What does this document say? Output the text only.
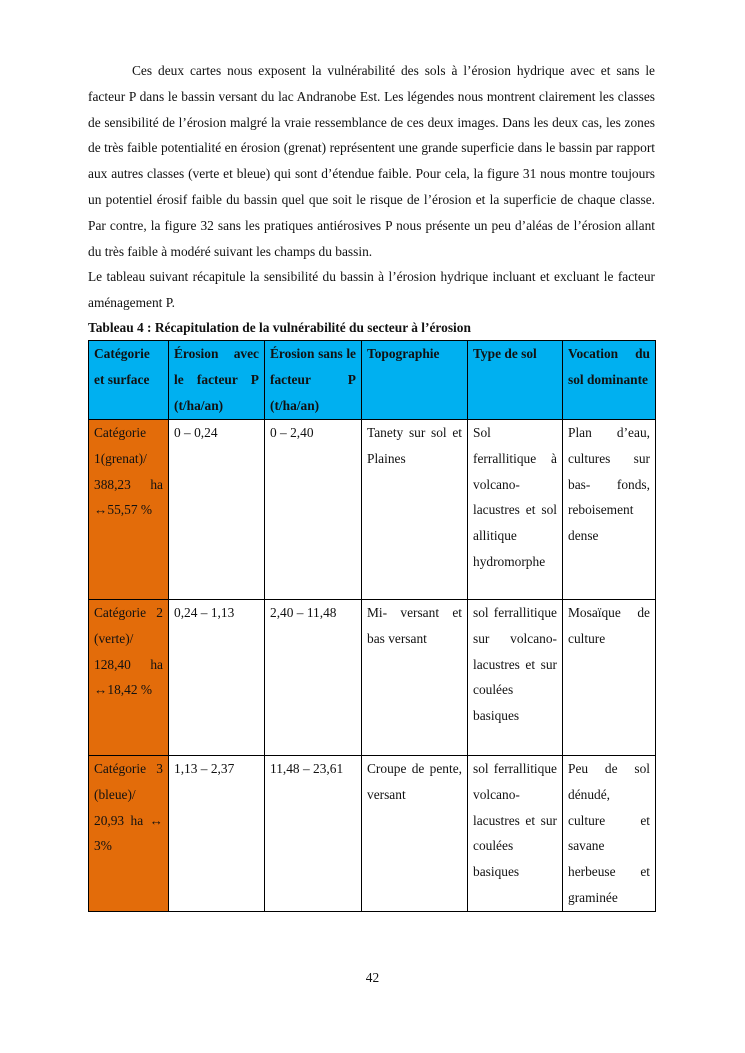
Ces deux cartes nous exposent la vulnérabilité des sols à l’érosion hydrique avec et sans le facteur P dans le bassin versant du lac Andranobe Est. Les légendes nous montrent clairement les classes de sensibilité de l’érosion malgré la vraie ressemblance de ces deux images. Dans les deux cas, les zones de très faible potentialité en érosion (grenat) représentent une grande superficie dans le bassin par rapport aux autres classes (verte et bleue) qui sont d’étendue faible. Pour cela, la figure 31 nous montre toujours un potentiel érosif faible du bassin quel que soit le risque de l’érosion et la superficie de chaque classe. Par contre, la figure 32 sans les pratiques antiérosives P nous présente un peu d’aléas de l’érosion allant du très faible à modéré suivant les champs du bassin.

Le tableau suivant récapitule la sensibilité du bassin à l’érosion hydrique incluant et excluant le facteur aménagement P.

Tableau 4 : Récapitulation de la vulnérabilité du secteur à l’érosion

Catégorie et surface	Érosion avec le facteur P (t/ha/an)	Érosion sans le facteur P (t/ha/an)	Topographie	Type de sol	Vocation du sol dominante
Catégorie 1(grenat)/ 388,23 ha ↔55,57 %	0 – 0,24	0 – 2,40	Tanety sur sol et Plaines	Sol ferrallitique à volcano-lacustres et sol allitique hydromorphe	Plan d’eau, cultures sur bas- fonds, reboisement dense
Catégorie 2 (verte)/ 128,40 ha ↔18,42 %	0,24 – 1,13	2,40 – 11,48	Mi- versant et bas versant	sol ferrallitique sur volcano-lacustres et sur coulées basiques	Mosaïque de culture
Catégorie 3 (bleue)/ 20,93 ha ↔ 3%	1,13 – 2,37	11,48 – 23,61	Croupe de pente, versant	sol ferrallitique volcano-lacustres et sur coulées basiques	Peu de sol dénudé, culture et savane herbeuse et graminée
42
